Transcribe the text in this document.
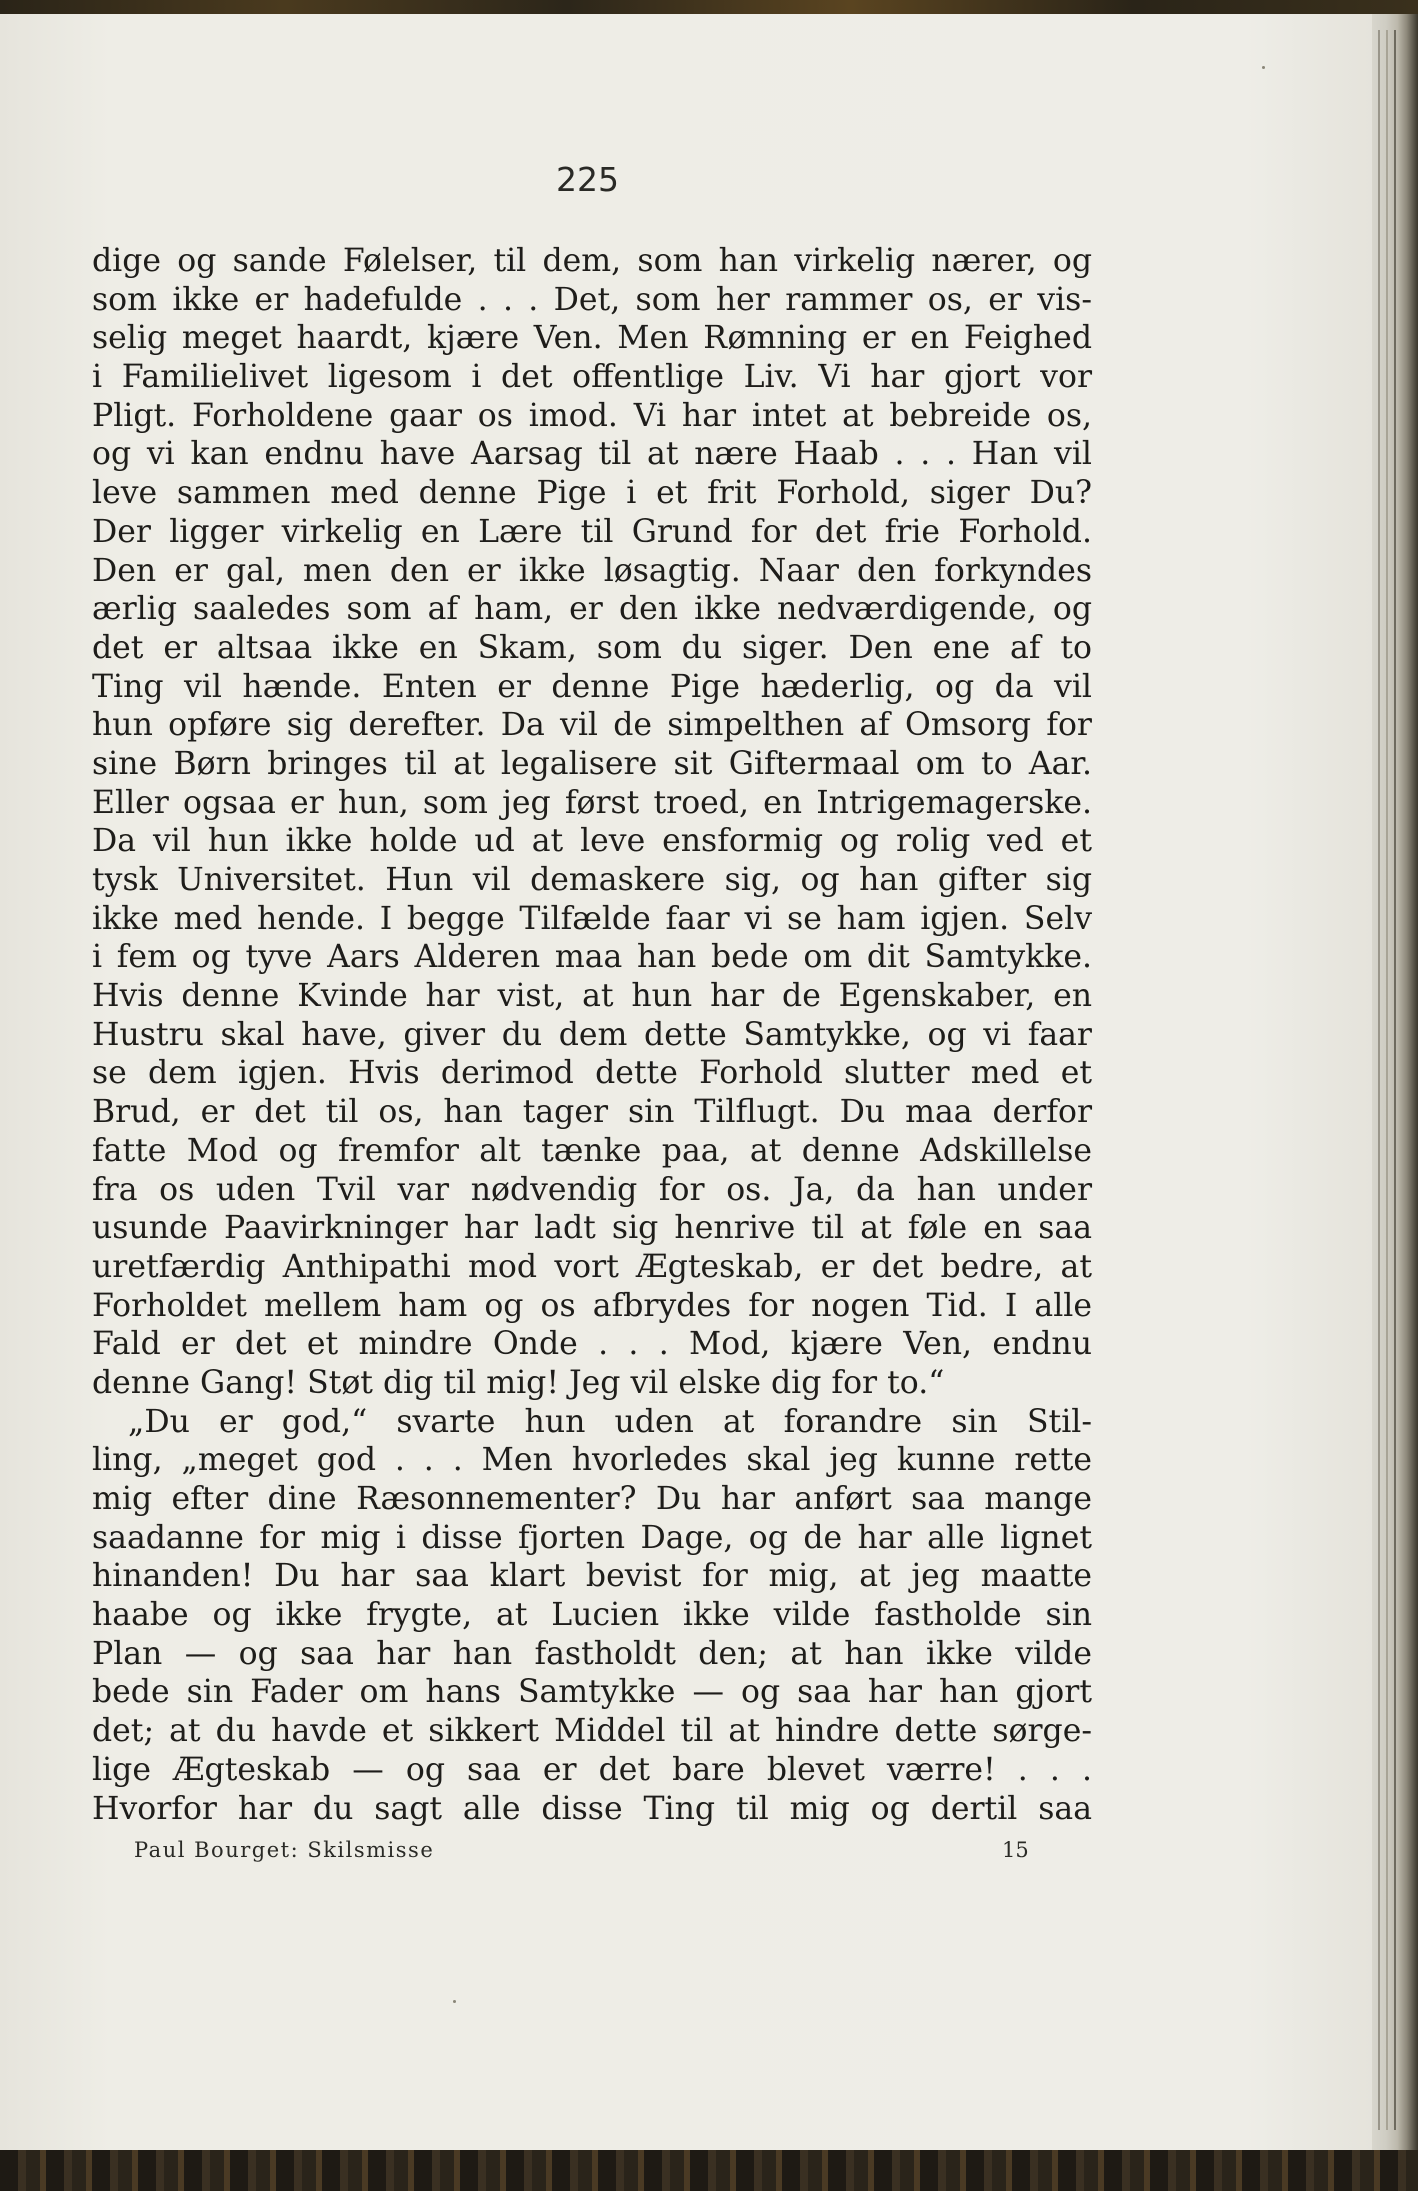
225
dige og sande Følelser, til dem, som han virkelig nærer, og
som ikke er hadefulde . . . Det, som her rammer os, er vis-
selig meget haardt, kjære Ven. Men Rømning er en Feighed
i Familielivet ligesom i det offentlige Liv. Vi har gjort vor
Pligt. Forholdene gaar os imod. Vi har intet at bebreide os,
og vi kan endnu have Aarsag til at nære Haab . . . Han vil
leve sammen med denne Pige i et frit Forhold, siger Du?
Der ligger virkelig en Lære til Grund for det frie Forhold.
Den er gal, men den er ikke løsagtig. Naar den forkyndes
ærlig saaledes som af ham, er den ikke nedværdigende, og
det er altsaa ikke en Skam, som du siger. Den ene af to
Ting vil hænde. Enten er denne Pige hæderlig, og da vil
hun opføre sig derefter. Da vil de simpelthen af Omsorg for
sine Børn bringes til at legalisere sit Giftermaal om to Aar.
Eller ogsaa er hun, som jeg først troed, en Intrigemagerske.
Da vil hun ikke holde ud at leve ensformig og rolig ved et
tysk Universitet. Hun vil demaskere sig, og han gifter sig
ikke med hende. I begge Tilfælde faar vi se ham igjen. Selv
i fem og tyve Aars Alderen maa han bede om dit Samtykke.
Hvis denne Kvinde har vist, at hun har de Egenskaber, en
Hustru skal have, giver du dem dette Samtykke, og vi faar
se dem igjen. Hvis derimod dette Forhold slutter med et
Brud, er det til os, han tager sin Tilflugt. Du maa derfor
fatte Mod og fremfor alt tænke paa, at denne Adskillelse
fra os uden Tvil var nødvendig for os. Ja, da han under
usunde Paavirkninger har ladt sig henrive til at føle en saa
uretfærdig Anthipathi mod vort Ægteskab, er det bedre, at
Forholdet mellem ham og os afbrydes for nogen Tid. I alle
Fald er det et mindre Onde . . . Mod, kjære Ven, endnu
denne Gang! Støt dig til mig! Jeg vil elske dig for to.“
„Du er god,“ svarte hun uden at forandre sin Stil-
ling, „meget god . . . Men hvorledes skal jeg kunne rette
mig efter dine Ræsonnementer? Du har anført saa mange
saadanne for mig i disse fjorten Dage, og de har alle lignet
hinanden! Du har saa klart bevist for mig, at jeg maatte
haabe og ikke frygte, at Lucien ikke vilde fastholde sin
Plan — og saa har han fastholdt den; at han ikke vilde
bede sin Fader om hans Samtykke — og saa har han gjort
det; at du havde et sikkert Middel til at hindre dette sørge-
lige Ægteskab — og saa er det bare blevet værre! . . .
Hvorfor har du sagt alle disse Ting til mig og dertil saa

Paul Bourget: Skilsmisse	15
